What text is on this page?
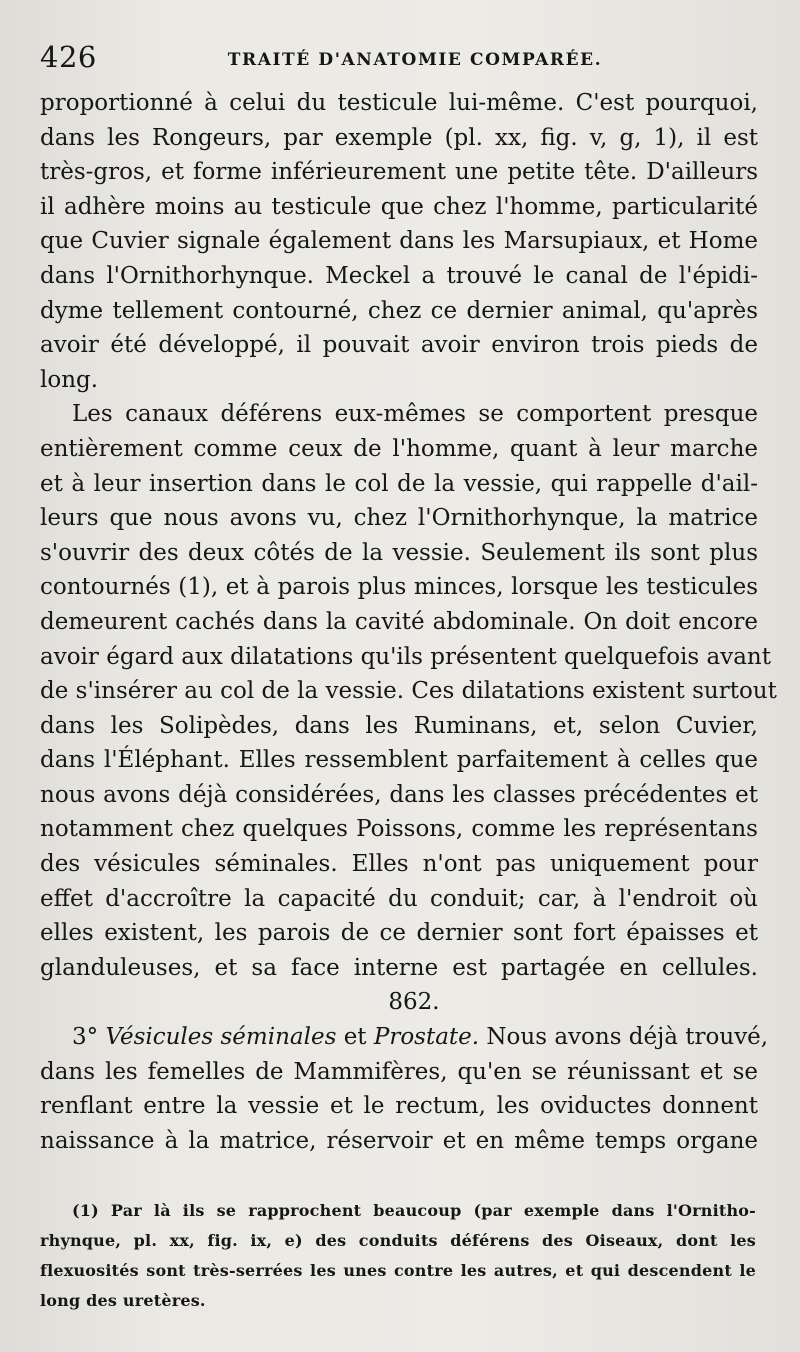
426	TRAITÉ D'ANATOMIE COMPARÉE.
proportionné à celui du testicule lui-même. C'est pourquoi,
dans les Rongeurs, par exemple (pl. xx, fig. v, g, 1), il est
très-gros, et forme inférieurement une petite tête. D'ailleurs
il adhère moins au testicule que chez l'homme, particularité
que Cuvier signale également dans les Marsupiaux, et Home
dans l'Ornithorhynque. Meckel a trouvé le canal de l'épidi-
dyme tellement contourné, chez ce dernier animal, qu'après
avoir été développé, il pouvait avoir environ trois pieds de
long.
Les canaux déférens eux-mêmes se comportent presque
entièrement comme ceux de l'homme, quant à leur marche
et à leur insertion dans le col de la vessie, qui rappelle d'ail-
leurs que nous avons vu, chez l'Ornithorhynque, la matrice
s'ouvrir des deux côtés de la vessie. Seulement ils sont plus
contournés (1), et à parois plus minces, lorsque les testicules
demeurent cachés dans la cavité abdominale. On doit encore
avoir égard aux dilatations qu'ils présentent quelquefois avant
de s'insérer au col de la vessie. Ces dilatations existent surtout
dans les Solipèdes, dans les Ruminans, et, selon Cuvier,
dans l'Éléphant. Elles ressemblent parfaitement à celles que
nous avons déjà considérées, dans les classes précédentes et
notamment chez quelques Poissons, comme les représentans
des vésicules séminales. Elles n'ont pas uniquement pour
effet d'accroître la capacité du conduit; car, à l'endroit où
elles existent, les parois de ce dernier sont fort épaisses et
glanduleuses, et sa face interne est partagée en cellules.
862.
3° Vésicules séminales et Prostate. Nous avons déjà trouvé,
dans les femelles de Mammifères, qu'en se réunissant et se
renflant entre la vessie et le rectum, les oviductes donnent
naissance à la matrice, réservoir et en même temps organe
(1) Par là ils se rapprochent beaucoup (par exemple dans l'Ornitho-
rhynque, pl. xx, fig. ix, e) des conduits déférens des Oiseaux, dont les
flexuosités sont très-serrées les unes contre les autres, et qui descendent le
long des uretères.
